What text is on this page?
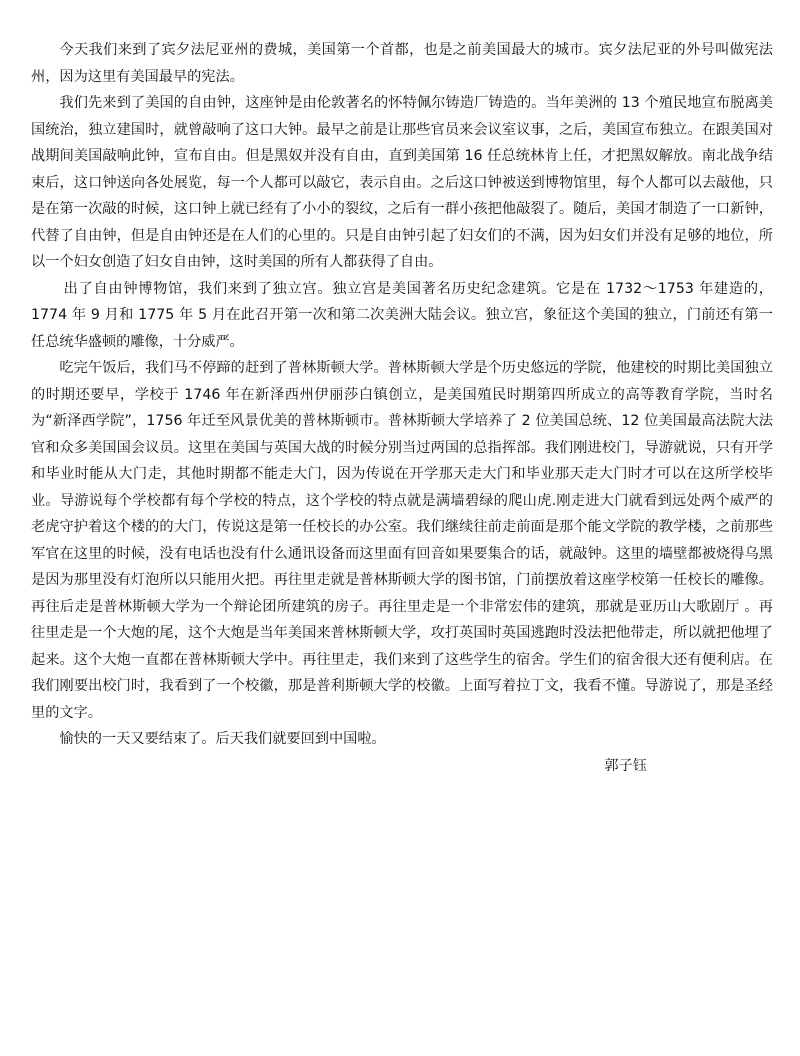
今天我们来到了宾夕法尼亚州的费城，美国第一个首都，也是之前美国最大的城市。宾夕法尼亚的外号叫做宪法州，因为这里有美国最早的宪法。

我们先来到了美国的自由钟，这座钟是由伦敦著名的怀特佩尔铸造厂铸造的。当年美洲的 13 个殖民地宣布脱离美国统治，独立建国时，就曾敲响了这口大钟。最早之前是让那些官员来会议室议事，之后，美国宣布独立。在跟美国对战期间美国敲响此钟，宣布自由。但是黑奴并没有自由，直到美国第 16 任总统林肯上任，才把黑奴解放。南北战争结束后，这口钟送向各处展览，每一个人都可以敲它，表示自由。之后这口钟被送到博物馆里，每个人都可以去敲他，只是在第一次敲的时候，这口钟上就已经有了小小的裂纹，之后有一群小孩把他敲裂了。随后，美国才制造了一口新钟，代替了自由钟，但是自由钟还是在人们的心里的。只是自由钟引起了妇女们的不满，因为妇女们并没有足够的地位，所以一个妇女创造了妇女自由钟，这时美国的所有人都获得了自由。

出了自由钟博物馆，我们来到了独立宫。独立宫是美国著名历史纪念建筑。它是在 1732～1753 年建造的，1774 年 9 月和 1775 年 5 月在此召开第一次和第二次美洲大陆会议。独立宫，象征这个美国的独立，门前还有第一任总统华盛顿的雕像，十分威严。

吃完午饭后，我们马不停蹄的赶到了普林斯顿大学。普林斯顿大学是个历史悠远的学院，他建校的时期比美国独立的时期还要早，学校于 1746 年在新泽西州伊丽莎白镇创立，是美国殖民时期第四所成立的高等教育学院，当时名为“新泽西学院”，1756 年迁至风景优美的普林斯顿市。普林斯顿大学培养了 2 位美国总统、12 位美国最高法院大法官和众多美国国会议员。这里在美国与英国大战的时候分别当过两国的总指挥部。我们刚进校门，导游就说，只有开学和毕业时能从大门走，其他时期都不能走大门，因为传说在开学那天走大门和毕业那天走大门时才可以在这所学校毕业。导游说每个学校都有每个学校的特点，这个学校的特点就是满墙碧绿的爬山虎.刚走进大门就看到远处两个威严的老虎守护着这个楼的的大门，传说这是第一任校长的办公室。我们继续往前走前面是那个能文学院的教学楼，之前那些军官在这里的时候，没有电话也没有什么通讯设备而这里面有回音如果要集合的话，就敲钟。这里的墙壁都被烧得乌黑是因为那里没有灯泡所以只能用火把。再往里走就是普林斯顿大学的图书馆，门前摆放着这座学校第一任校长的雕像。再往后走是普林斯顿大学为一个辩论团所建筑的房子。再往里走是一个非常宏伟的建筑，那就是亚历山大歌剧厅 。再往里走是一个大炮的尾，这个大炮是当年美国来普林斯顿大学，攻打英国时英国逃跑时没法把他带走，所以就把他埋了起来。这个大炮一直都在普林斯顿大学中。再往里走，我们来到了这些学生的宿舍。学生们的宿舍很大还有便利店。在我们刚要出校门时，我看到了一个校徽，那是普利斯顿大学的校徽。上面写着拉丁文，我看不懂。导游说了，那是圣经里的文字。

愉快的一天又要结束了。后天我们就要回到中国啦。

郭子钰
